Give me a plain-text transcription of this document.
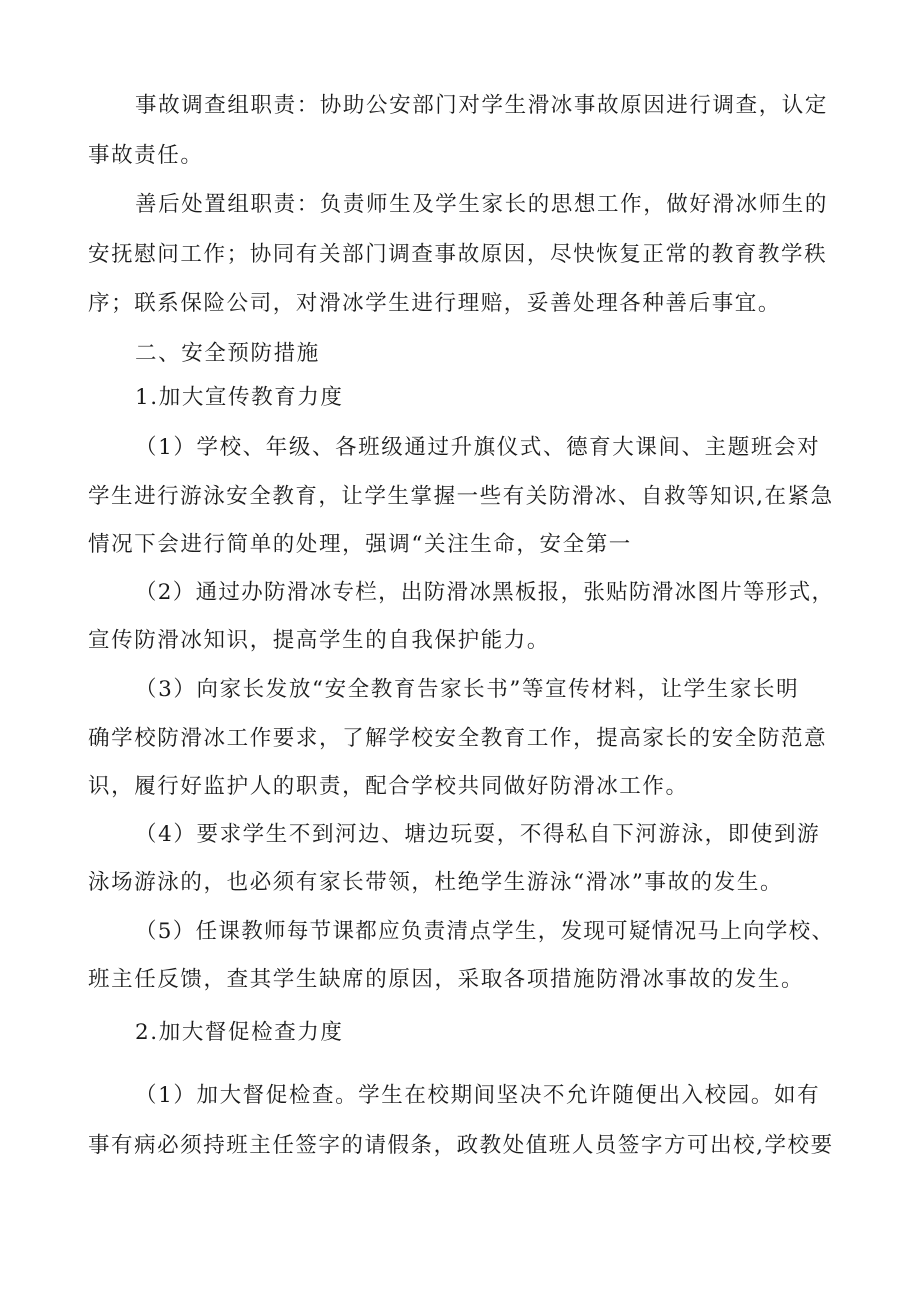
事故调查组职责：协助公安部门对学生滑冰事故原因进行调查，认定

事故责任。

善后处置组职责：负责师生及学生家长的思想工作，做好滑冰师生的

安抚慰问工作；协同有关部门调查事故原因，尽快恢复正常的教育教学秩

序；联系保险公司，对滑冰学生进行理赔，妥善处理各种善后事宜。

二、安全预防措施

1.加大宣传教育力度

（1）学校、年级、各班级通过升旗仪式、德育大课间、主题班会对

学生进行游泳安全教育，让学生掌握一些有关防滑冰、自救等知识,在紧急

情况下会进行简单的处理，强调“关注生命，安全第一

（2）通过办防滑冰专栏，出防滑冰黑板报，张贴防滑冰图片等形式，

宣传防滑冰知识，提高学生的自我保护能力。

（3）向家长发放“安全教育告家长书”等宣传材料，让学生家长明

确学校防滑冰工作要求，了解学校安全教育工作，提高家长的安全防范意

识，履行好监护人的职责，配合学校共同做好防滑冰工作。

（4）要求学生不到河边、塘边玩耍，不得私自下河游泳，即使到游

泳场游泳的，也必须有家长带领，杜绝学生游泳“滑冰”事故的发生。

（5）任课教师每节课都应负责清点学生，发现可疑情况马上向学校、

班主任反馈，查其学生缺席的原因，采取各项措施防滑冰事故的发生。

2.加大督促检查力度

（1）加大督促检查。学生在校期间坚决不允许随便出入校园。如有

事有病必须持班主任签字的请假条，政教处值班人员签字方可出校,学校要
